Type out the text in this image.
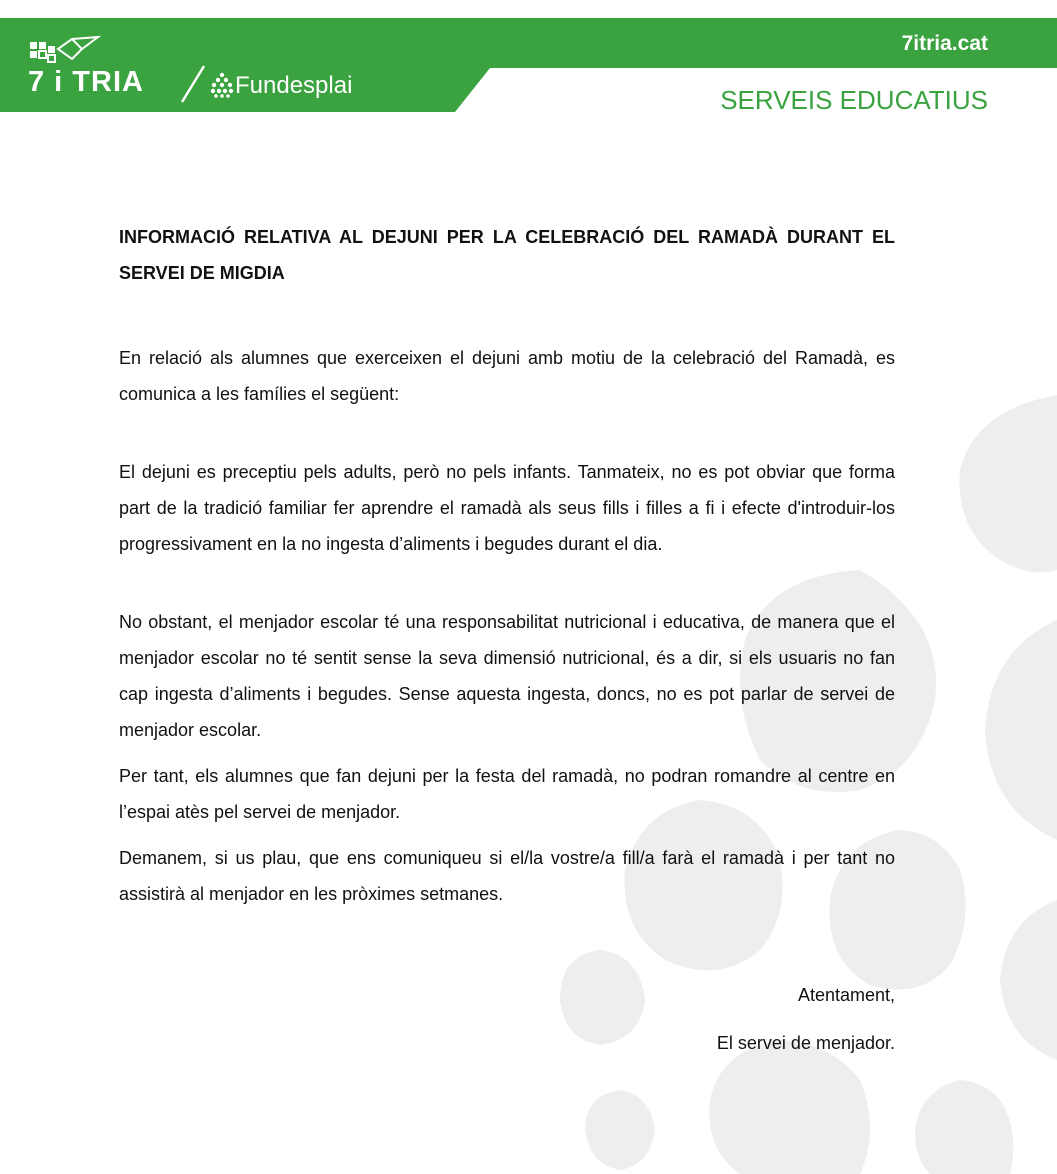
7 i TRIA	Fundesplai
7itria.cat
SERVEIS EDUCATIUS
INFORMACIÓ RELATIVA AL DEJUNI PER LA CELEBRACIÓ DEL RAMADÀ DURANT EL SERVEI DE MIGDIA

En relació als alumnes que exerceixen el dejuni amb motiu de la celebració del Ramadà, es comunica a les famílies el següent:

El dejuni es preceptiu pels adults, però no pels infants. Tanmateix, no es pot obviar que forma part de la tradició familiar fer aprendre el ramadà als seus fills i filles a fi i efecte d'introduir-los progressivament en la no ingesta d’aliments i begudes durant el dia.

No obstant, el menjador escolar té una responsabilitat nutricional i educativa, de manera que el menjador escolar no té sentit sense la seva dimensió nutricional, és a dir, si els usuaris no fan cap ingesta d’aliments i begudes. Sense aquesta ingesta, doncs, no es pot parlar de servei de menjador escolar.

Per tant, els alumnes que fan dejuni per la festa del ramadà, no podran romandre al centre en l’espai atès pel servei de menjador.

Demanem, si us plau, que ens comuniqueu si el/la vostre/a fill/a farà el ramadà i per tant no assistirà al menjador en les pròximes setmanes.

Atentament,
El servei de menjador.
